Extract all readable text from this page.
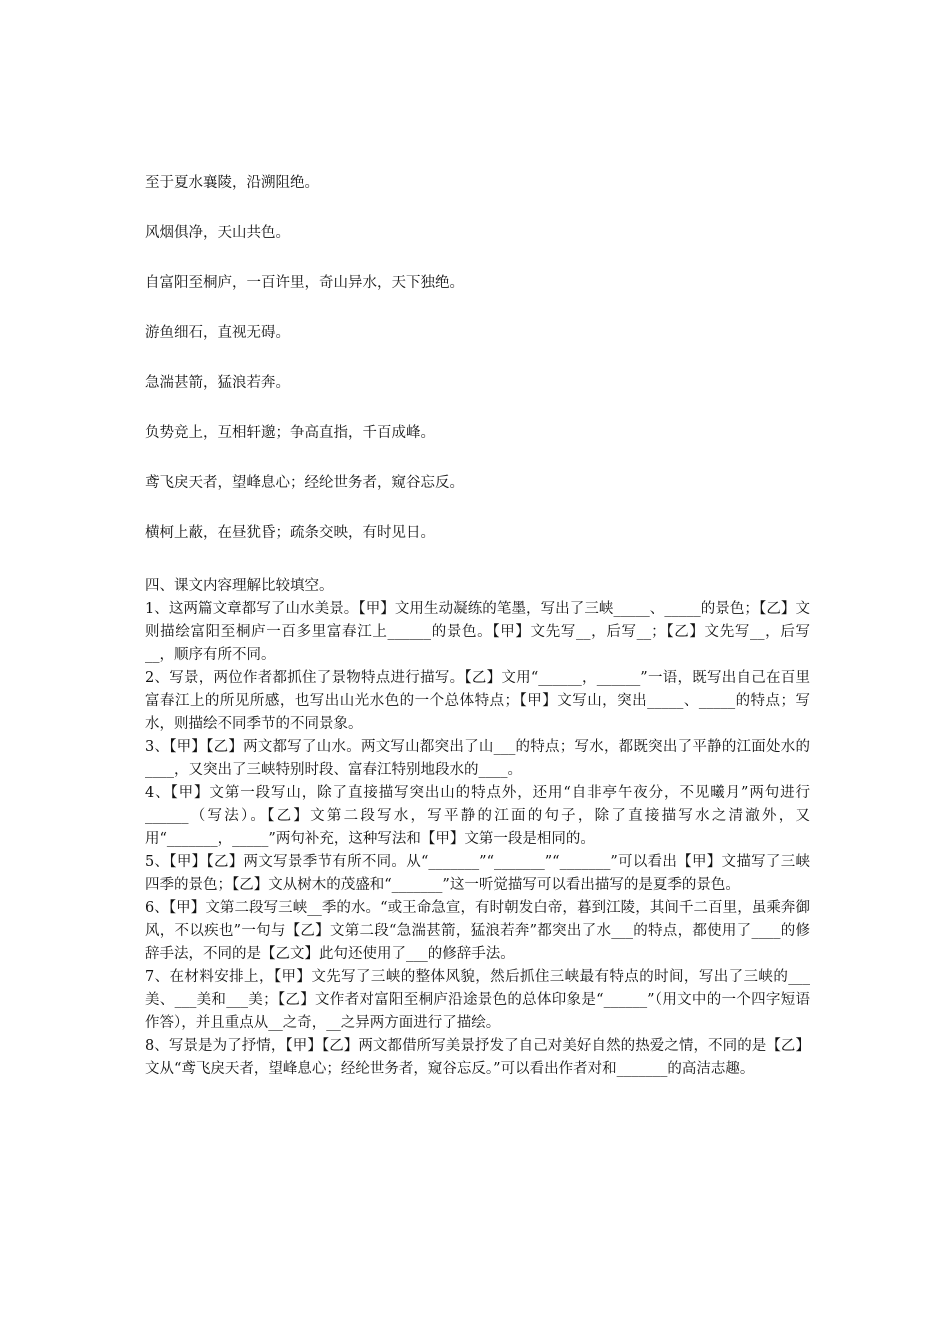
至于夏水襄陵，沿溯阻绝。

风烟俱净，天山共色。

自富阳至桐庐，一百许里，奇山异水，天下独绝。

游鱼细石，直视无碍。

急湍甚箭，猛浪若奔。

负势竞上，互相轩邈；争高直指，千百成峰。

鸢飞戾天者，望峰息心；经纶世务者，窥谷忘反。

横柯上蔽，在昼犹昏；疏条交映，有时见日。

四、课文内容理解比较填空。

1、这两篇文章都写了山水美景。【甲】文用生动凝练的笔墨，写出了三峡_____、_____的景色；【乙】文则描绘富阳至桐庐一百多里富春江上______的景色。【甲】文先写__，后写__；【乙】文先写__，后写__，顺序有所不同。

2、写景，两位作者都抓住了景物特点进行描写。【乙】文用“______，______”一语，既写出自己在百里富春江上的所见所感，也写出山光水色的一个总体特点；【甲】文写山，突出_____、_____的特点；写水，则描绘不同季节的不同景象。

3、【甲】【乙】两文都写了山水。两文写山都突出了山___的特点；写水，都既突出了平静的江面处水的____，又突出了三峡特别时段、富春江特别地段水的____。

4、【甲】文第一段写山，除了直接描写突出山的特点外，还用“自非亭午夜分，不见曦月”两句进行______（写法）。【乙】文第二段写水，写平静的江面的句子，除了直接描写水之清澈外，又用“_______，_____”两句补充，这种写法和【甲】文第一段是相同的。

5、【甲】【乙】两文写景季节有所不同。从“_______”“_______”“_______”可以看出【甲】文描写了三峡四季的景色；【乙】文从树木的茂盛和“_______”这一听觉描写可以看出描写的是夏季的景色。

6、【甲】文第二段写三峡__季的水。“或王命急宣，有时朝发白帝，暮到江陵，其间千二百里，虽乘奔御风，不以疾也”一句与【乙】文第二段“急湍甚箭，猛浪若奔”都突出了水___的特点，都使用了____的修辞手法，不同的是【乙文】此句还使用了___的修辞手法。

7、在材料安排上，【甲】文先写了三峡的整体风貌，然后抓住三峡最有特点的时间，写出了三峡的___美、___美和___美；【乙】文作者对富阳至桐庐沿途景色的总体印象是“______”（用文中的一个四字短语作答），并且重点从__之奇，__之异两方面进行了描绘。

8、写景是为了抒情，【甲】【乙】两文都借所写美景抒发了自己对美好自然的热爱之情，不同的是【乙】文从“鸢飞戾天者，望峰息心；经纶世务者，窥谷忘反。”可以看出作者对和_______的高洁志趣。
